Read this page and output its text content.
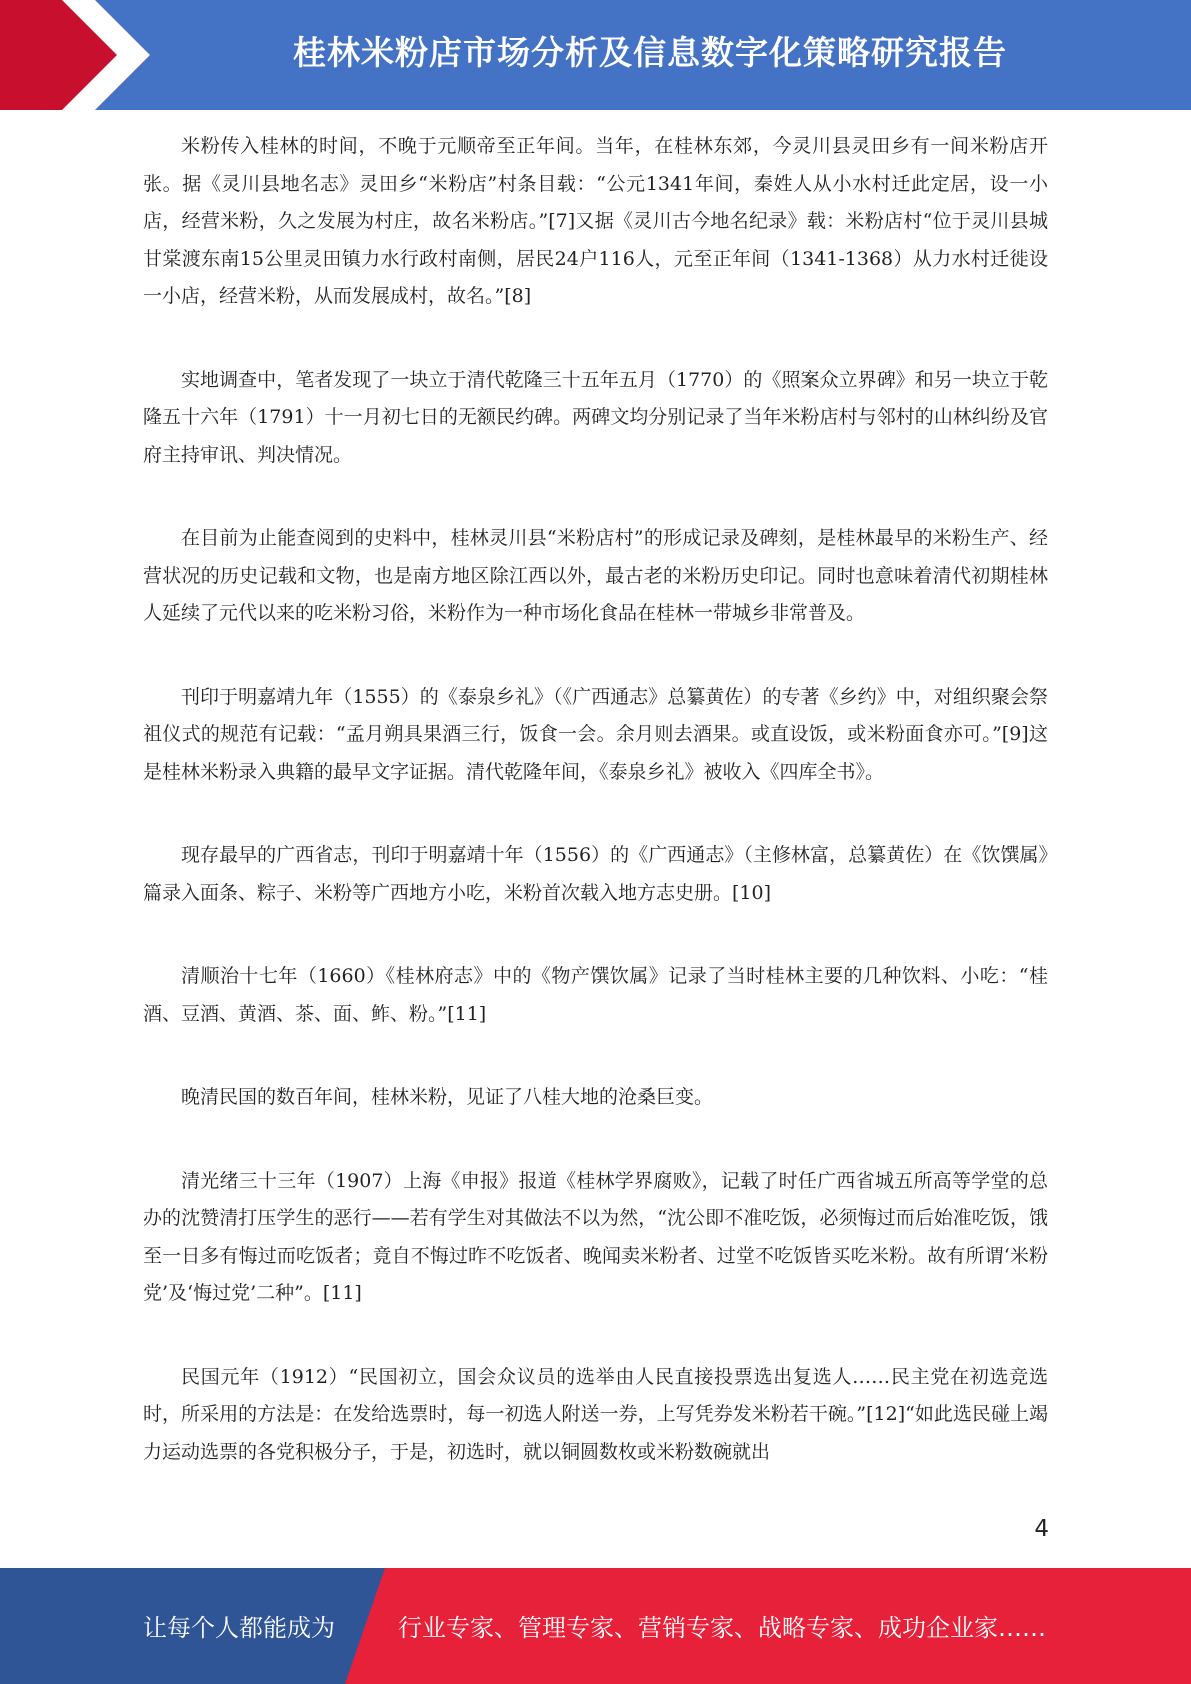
桂林米粉店市场分析及信息数字化策略研究报告

米粉传入桂林的时间，不晚于元顺帝至正年间。当年，在桂林东郊，今灵川县灵田乡有一间米粉店开张。据《灵川县地名志》灵田乡“米粉店”村条目载：“公元1341年间，秦姓人从小水村迁此定居，设一小店，经营米粉，久之发展为村庄，故名米粉店。”[7]又据《灵川古今地名纪录》载：米粉店村“位于灵川县城甘棠渡东南15公里灵田镇力水行政村南侧，居民24户116人，元至正年间（1341-1368）从力水村迁徙设一小店，经营米粉，从而发展成村，故名。”[8]

实地调查中，笔者发现了一块立于清代乾隆三十五年五月（1770）的《照案众立界碑》和另一块立于乾隆五十六年（1791）十一月初七日的无额民约碑。两碑文均分别记录了当年米粉店村与邻村的山林纠纷及官府主持审讯、判决情况。

在目前为止能查阅到的史料中，桂林灵川县“米粉店村”的形成记录及碑刻，是桂林最早的米粉生产、经营状况的历史记载和文物，也是南方地区除江西以外，最古老的米粉历史印记。同时也意味着清代初期桂林人延续了元代以来的吃米粉习俗，米粉作为一种市场化食品在桂林一带城乡非常普及。

刊印于明嘉靖九年（1555）的《泰泉乡礼》（《广西通志》总纂黄佐）的专著《乡约》中，对组织聚会祭祖仪式的规范有记载：“孟月朔具果酒三行，饭食一会。余月则去酒果。或直设饭，或米粉面食亦可。”[9]这是桂林米粉录入典籍的最早文字证据。清代乾隆年间，《泰泉乡礼》被收入《四库全书》。

现存最早的广西省志，刊印于明嘉靖十年（1556）的《广西通志》（主修林富，总纂黄佐）在《饮馔属》篇录入面条、粽子、米粉等广西地方小吃，米粉首次载入地方志史册。[10]

清顺治十七年（1660）《桂林府志》中的《物产馔饮属》记录了当时桂林主要的几种饮料、小吃：“桂酒、豆酒、黄酒、茶、面、鲊、粉。”[11]

晚清民国的数百年间，桂林米粉，见证了八桂大地的沧桑巨变。

清光绪三十三年（1907）上海《申报》报道《桂林学界腐败》，记载了时任广西省城五所高等学堂的总办的沈赞清打压学生的恶行——若有学生对其做法不以为然，“沈公即不准吃饭，必须悔过而后始准吃饭，饿至一日多有悔过而吃饭者；竟自不悔过昨不吃饭者、晚闻卖米粉者、过堂不吃饭皆买吃米粉。故有所谓‘米粉党’及‘悔过党’二种”。[11]

民国元年（1912）“民国初立，国会众议员的选举由人民直接投票选出复选人……民主党在初选竞选时，所采用的方法是：在发给选票时，每一初选人附送一券，上写凭券发米粉若干碗。”[12]“如此选民碰上竭力运动选票的各党积极分子，于是，初选时，就以铜圆数枚或米粉数碗就出

4
让每个人都能成为	行业专家、管理专家、营销专家、战略专家、成功企业家……
